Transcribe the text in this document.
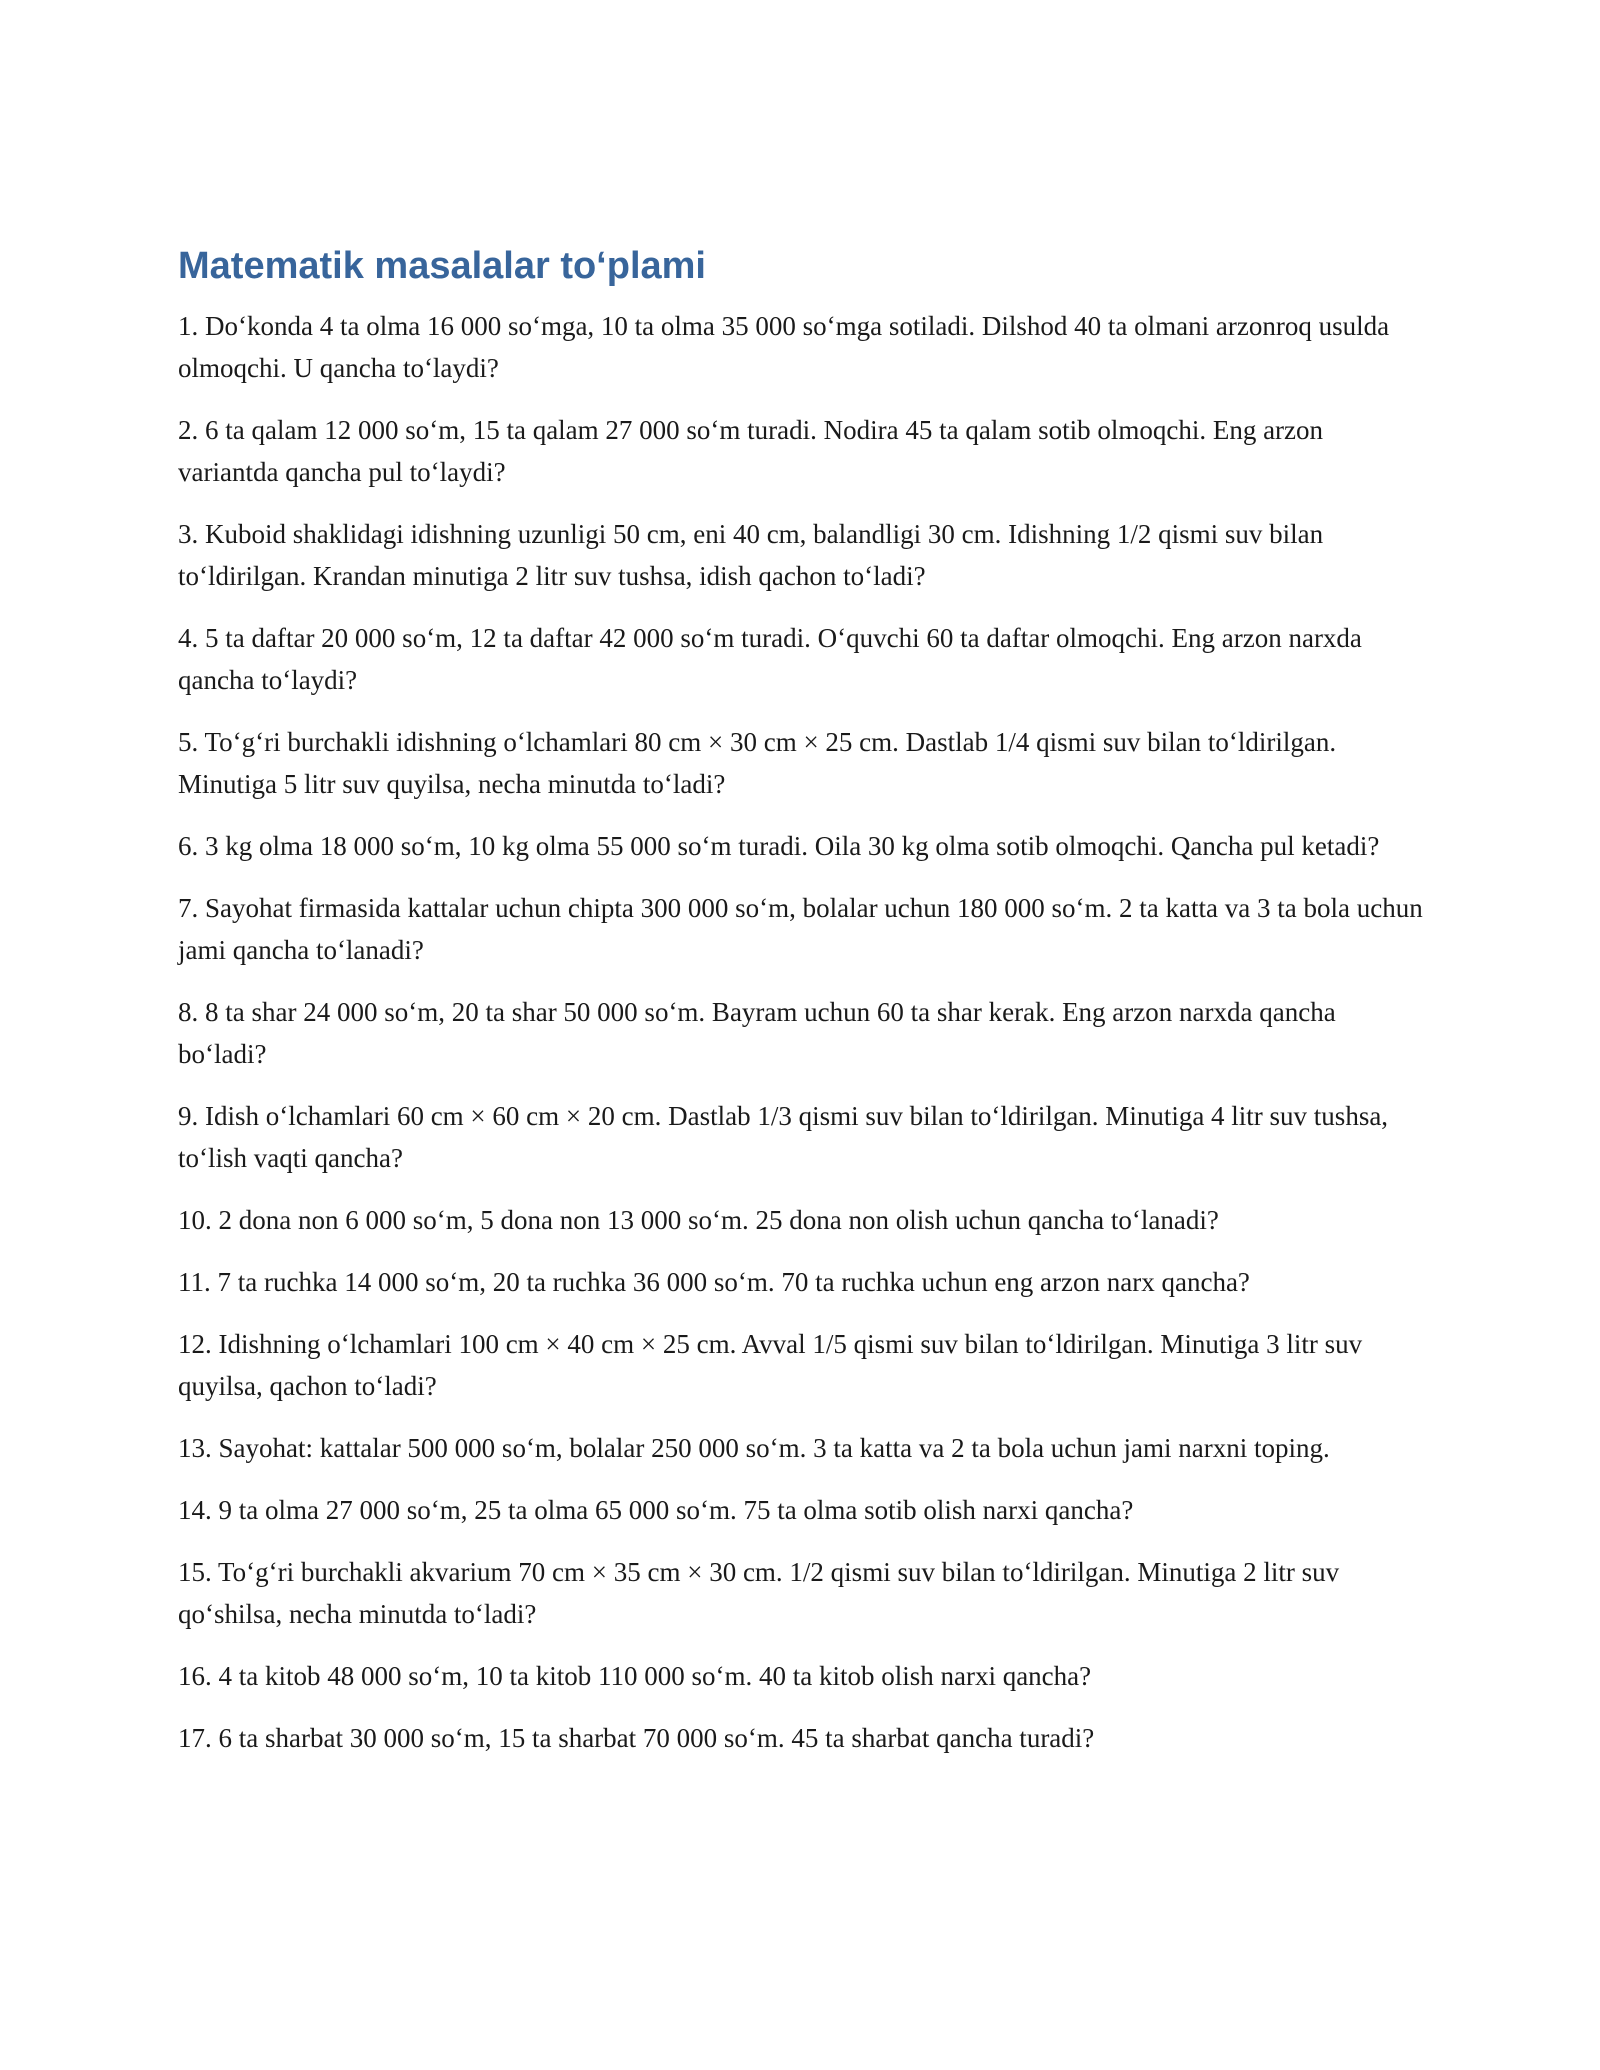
Matematik masalalar toʻplami

1. Doʻkonda 4 ta olma 16 000 soʻmga, 10 ta olma 35 000 soʻmga sotiladi. Dilshod 40 ta olmani arzonroq usulda olmoqchi. U qancha toʻlaydi?

2. 6 ta qalam 12 000 soʻm, 15 ta qalam 27 000 soʻm turadi. Nodira 45 ta qalam sotib olmoqchi. Eng arzon variantda qancha pul toʻlaydi?

3. Kuboid shaklidagi idishning uzunligi 50 cm, eni 40 cm, balandligi 30 cm. Idishning 1/2 qismi suv bilan toʻldirilgan. Krandan minutiga 2 litr suv tushsa, idish qachon toʻladi?

4. 5 ta daftar 20 000 soʻm, 12 ta daftar 42 000 soʻm turadi. Oʻquvchi 60 ta daftar olmoqchi. Eng arzon narxda qancha toʻlaydi?

5. Toʻgʻri burchakli idishning oʻlchamlari 80 cm × 30 cm × 25 cm. Dastlab 1/4 qismi suv bilan toʻldirilgan. Minutiga 5 litr suv quyilsa, necha minutda toʻladi?

6. 3 kg olma 18 000 soʻm, 10 kg olma 55 000 soʻm turadi. Oila 30 kg olma sotib olmoqchi. Qancha pul ketadi?

7. Sayohat firmasida kattalar uchun chipta 300 000 soʻm, bolalar uchun 180 000 soʻm. 2 ta katta va 3 ta bola uchun jami qancha toʻlanadi?

8. 8 ta shar 24 000 soʻm, 20 ta shar 50 000 soʻm. Bayram uchun 60 ta shar kerak. Eng arzon narxda qancha boʻladi?

9. Idish oʻlchamlari 60 cm × 60 cm × 20 cm. Dastlab 1/3 qismi suv bilan toʻldirilgan. Minutiga 4 litr suv tushsa, toʻlish vaqti qancha?

10. 2 dona non 6 000 soʻm, 5 dona non 13 000 soʻm. 25 dona non olish uchun qancha toʻlanadi?

11. 7 ta ruchka 14 000 soʻm, 20 ta ruchka 36 000 soʻm. 70 ta ruchka uchun eng arzon narx qancha?

12. Idishning oʻlchamlari 100 cm × 40 cm × 25 cm. Avval 1/5 qismi suv bilan toʻldirilgan. Minutiga 3 litr suv quyilsa, qachon toʻladi?

13. Sayohat: kattalar 500 000 soʻm, bolalar 250 000 soʻm. 3 ta katta va 2 ta bola uchun jami narxni toping.

14. 9 ta olma 27 000 soʻm, 25 ta olma 65 000 soʻm. 75 ta olma sotib olish narxi qancha?

15. Toʻgʻri burchakli akvarium 70 cm × 35 cm × 30 cm. 1/2 qismi suv bilan toʻldirilgan. Minutiga 2 litr suv qoʻshilsa, necha minutda toʻladi?

16. 4 ta kitob 48 000 soʻm, 10 ta kitob 110 000 soʻm. 40 ta kitob olish narxi qancha?

17. 6 ta sharbat 30 000 soʻm, 15 ta sharbat 70 000 soʻm. 45 ta sharbat qancha turadi?
